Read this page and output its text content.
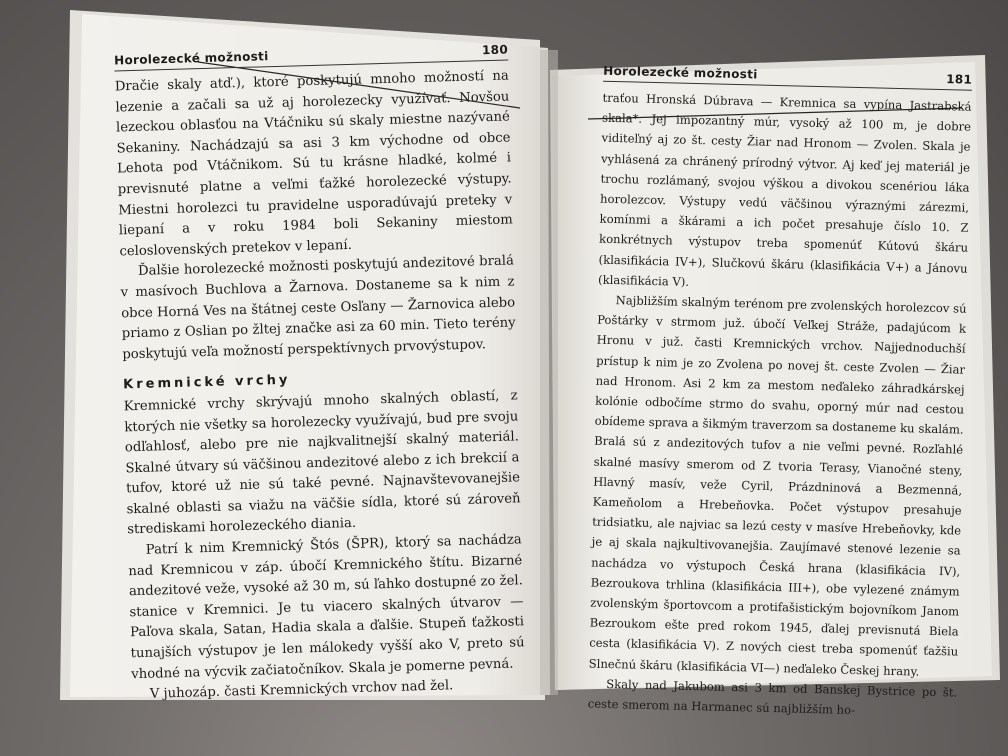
Horolezecké možnosti	180

Dračie skaly atď.), ktoré poskytujú mnoho možností na lezenie a začali sa už aj horolezecky využívať. Novšou lezeckou oblasťou na Vtáčniku sú skaly miestne nazývané Sekaniny. Nachádzajú sa asi 3 km východne od obce Lehota pod Vtáčnikom. Sú tu krásne hladké, kolmé i previsnuté platne a veľmi ťažké horolezecké výstupy. Miestni horolezci tu pravidelne usporadúvajú preteky v liepaní a v roku 1984 boli Sekaniny miestom celoslovenských pretekov v lepaní.

Ďalšie horolezecké možnosti poskytujú andezitové bralá v masívoch Buchlova a Žarnova. Dostaneme sa k nim z obce Horná Ves na štátnej ceste Osľany — Žarnovica alebo priamo z Oslian po žltej značke asi za 60 min. Tieto terény poskytujú veľa možností perspektívnych prvovýstupov.

Kremnické vrchy

Kremnické vrchy skrývajú mnoho skalných oblastí, z ktorých nie všetky sa horolezecky využívajú, bud pre svoju odľahlosť, alebo pre nie najkvalitnejší skalný materiál. Skalné útvary sú väčšinou andezitové alebo z ich brekcií a tufov, ktoré už nie sú také pevné. Najnavštevovanejšie skalné oblasti sa viažu na väčšie sídla, ktoré sú zároveň strediskami horolezeckého diania.

Patrí k nim Kremnický Štós (ŠPR), ktorý sa nachádza nad Kremnicou v záp. úbočí Kremnického štítu. Bizarné andezitové veže, vysoké až 30 m, sú ľahko dostupné zo žel. stanice v Kremnici. Je tu viacero skalných útvarov — Paľova skala, Satan, Hadia skala a ďalšie. Stupeň ťažkosti tunajších výstupov je len málokedy vyšší ako V, preto sú vhodné na výcvik začiatočníkov. Skala je pomerne pevná.

V juhozáp. časti Kremnických vrchov nad žel.

Horolezecké možnosti	181

traťou Hronská Dúbrava — Kremnica sa vypína Jastrabská skala*. Jej impozantný múr, vysoký až 100 m, je dobre viditeľný aj zo št. cesty Žiar nad Hronom — Zvolen. Skala je vyhlásená za chránený prírodný výtvor. Aj keď jej materiál je trochu rozlámaný, svojou výškou a divokou scenériou láka horolezcov. Výstupy vedú väčšinou výraznými zárezmi, komínmi a škárami a ich počet presahuje číslo 10. Z konkrétnych výstupov treba spomenúť Kútovú škáru (klasifikácia IV+), Slučkovú škáru (klasifikácia V+) a Jánovu (klasifikácia V).

Najbližším skalným terénom pre zvolenských horolezcov sú Poštárky v strmom juž. úbočí Veľkej Stráže, padajúcom k Hronu v juž. časti Kremnických vrchov. Najjednoduchší prístup k nim je zo Zvolena po novej št. ceste Zvolen — Žiar nad Hronom. Asi 2 km za mestom neďaleko záhradkárskej kolónie odbočíme strmo do svahu, oporný múr nad cestou obídeme sprava a šikmým traverzom sa dostaneme ku skalám. Bralá sú z andezitových tufov a nie veľmi pevné. Rozľahlé skalné masívy smerom od Z tvoria Terasy, Vianočné steny, Hlavný masív, veže Cyril, Prázdninová a Bezmenná, Kameňolom a Hrebeňovka. Počet výstupov presahuje tridsiatku, ale najviac sa lezú cesty v masíve Hrebeňovky, kde je aj skala najkultivovanejšia. Zaujímavé stenové lezenie sa nachádza vo výstupoch Česká hrana (klasifikácia IV), Bezroukova trhlina (klasifikácia III+), obe vylezené známym zvolenským športovcom a protifašistickým bojovníkom Janom Bezroukom ešte pred rokom 1945, ďalej previsnutá Biela cesta (klasifikácia V). Z nových ciest treba spomenúť ťažšiu Slnečnú škáru (klasifikácia VI—) neďaleko Českej hrany.

Skaly nad Jakubom asi 3 km od Banskej Bystrice po št. ceste smerom na Harmanec sú najbližším ho-
